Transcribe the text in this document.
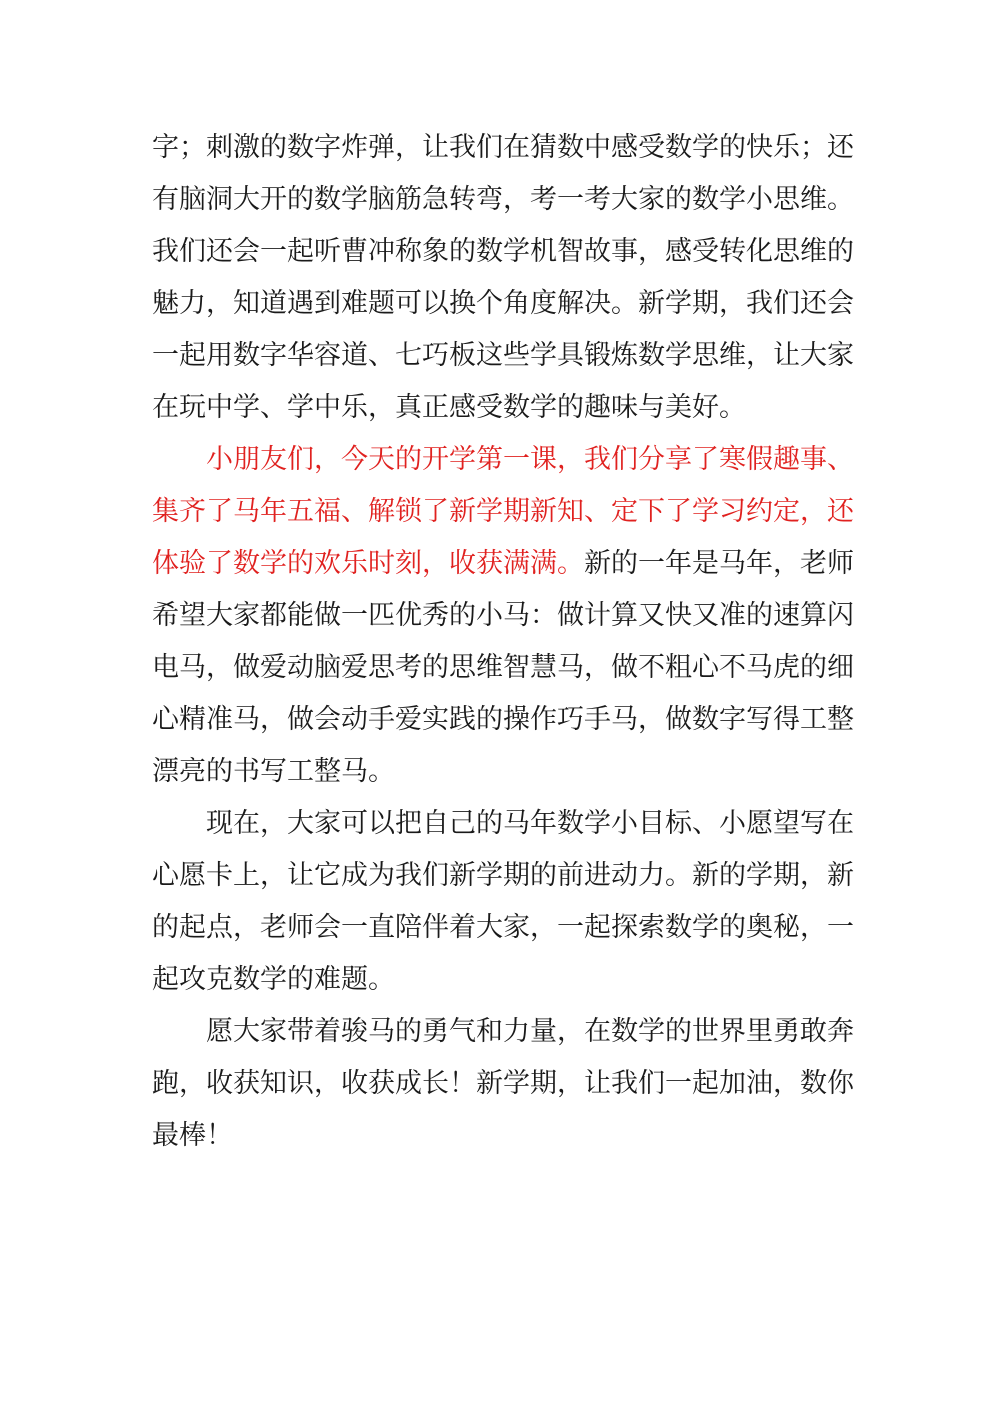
字；刺激的数字炸弹，让我们在猜数中感受数学的快乐；还
有脑洞大开的数学脑筋急转弯，考一考大家的数学小思维。
我们还会一起听曹冲称象的数学机智故事，感受转化思维的
魅力，知道遇到难题可以换个角度解决。新学期，我们还会
一起用数字华容道、七巧板这些学具锻炼数学思维，让大家
在玩中学、学中乐，真正感受数学的趣味与美好。
小朋友们，今天的开学第一课，我们分享了寒假趣事、
集齐了马年五福、解锁了新学期新知、定下了学习约定，还
体验了数学的欢乐时刻，收获满满。新的一年是马年，老师
希望大家都能做一匹优秀的小马：做计算又快又准的速算闪
电马，做爱动脑爱思考的思维智慧马，做不粗心不马虎的细
心精准马，做会动手爱实践的操作巧手马，做数字写得工整
漂亮的书写工整马。
现在，大家可以把自己的马年数学小目标、小愿望写在
心愿卡上，让它成为我们新学期的前进动力。新的学期，新
的起点，老师会一直陪伴着大家，一起探索数学的奥秘，一
起攻克数学的难题。
愿大家带着骏马的勇气和力量，在数学的世界里勇敢奔
跑，收获知识，收获成长！新学期，让我们一起加油，数你
最棒！
